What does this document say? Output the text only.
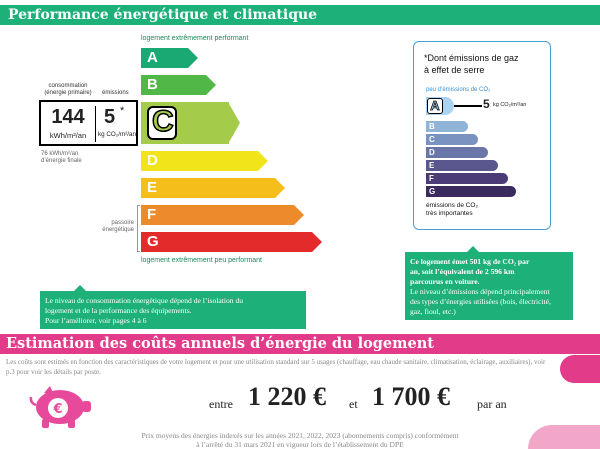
Performance énergétique et climatique
logement extrêmement performant
A
B
C
D
E
F
G
passoire
énergétique
logement extrêmement peu performant
consommation
(énergie primaire)	émissions
144
kWh/m²/an
5 *
kg CO₂/m²/an
76 kWh/m²/an
d’énergie finale
*Dont émissions de gaz
à effet de serre
peu d’émissions de CO₂
A	5 kg CO₂/m²/an
B
C
D
E
F
G
émissions de CO₂
très importantes
Le niveau de consommation énergétique dépend de l’isolation du
logement et de la performance des équipements.
Pour l’améliorer, voir pages 4 à 6
Ce logement émet 501 kg de CO₂ par
an, soit l’équivalent de 2 596 km
parcourus en voiture.
Le niveau d’émissions dépend principalement
des types d’énergies utilisées (bois, électricité,
gaz, fioul, etc.)
Estimation des coûts annuels d’énergie du logement
Les coûts sont estimés en fonction des caractéristiques de votre logement et pour une utilisation standard sur 5 usages (chauffage, eau chaude sanitaire, climatisation, éclairage, auxiliaires), voir
p.3 pour voir les détails par poste.
€	entre 1 220 € et 1 700 € par an
Prix moyens des énergies indexés sur les années 2021, 2022, 2023 (abonnements compris) conformément
à l’arrêté du 31 mars 2021 en vigueur lors de l’établissement du DPE
